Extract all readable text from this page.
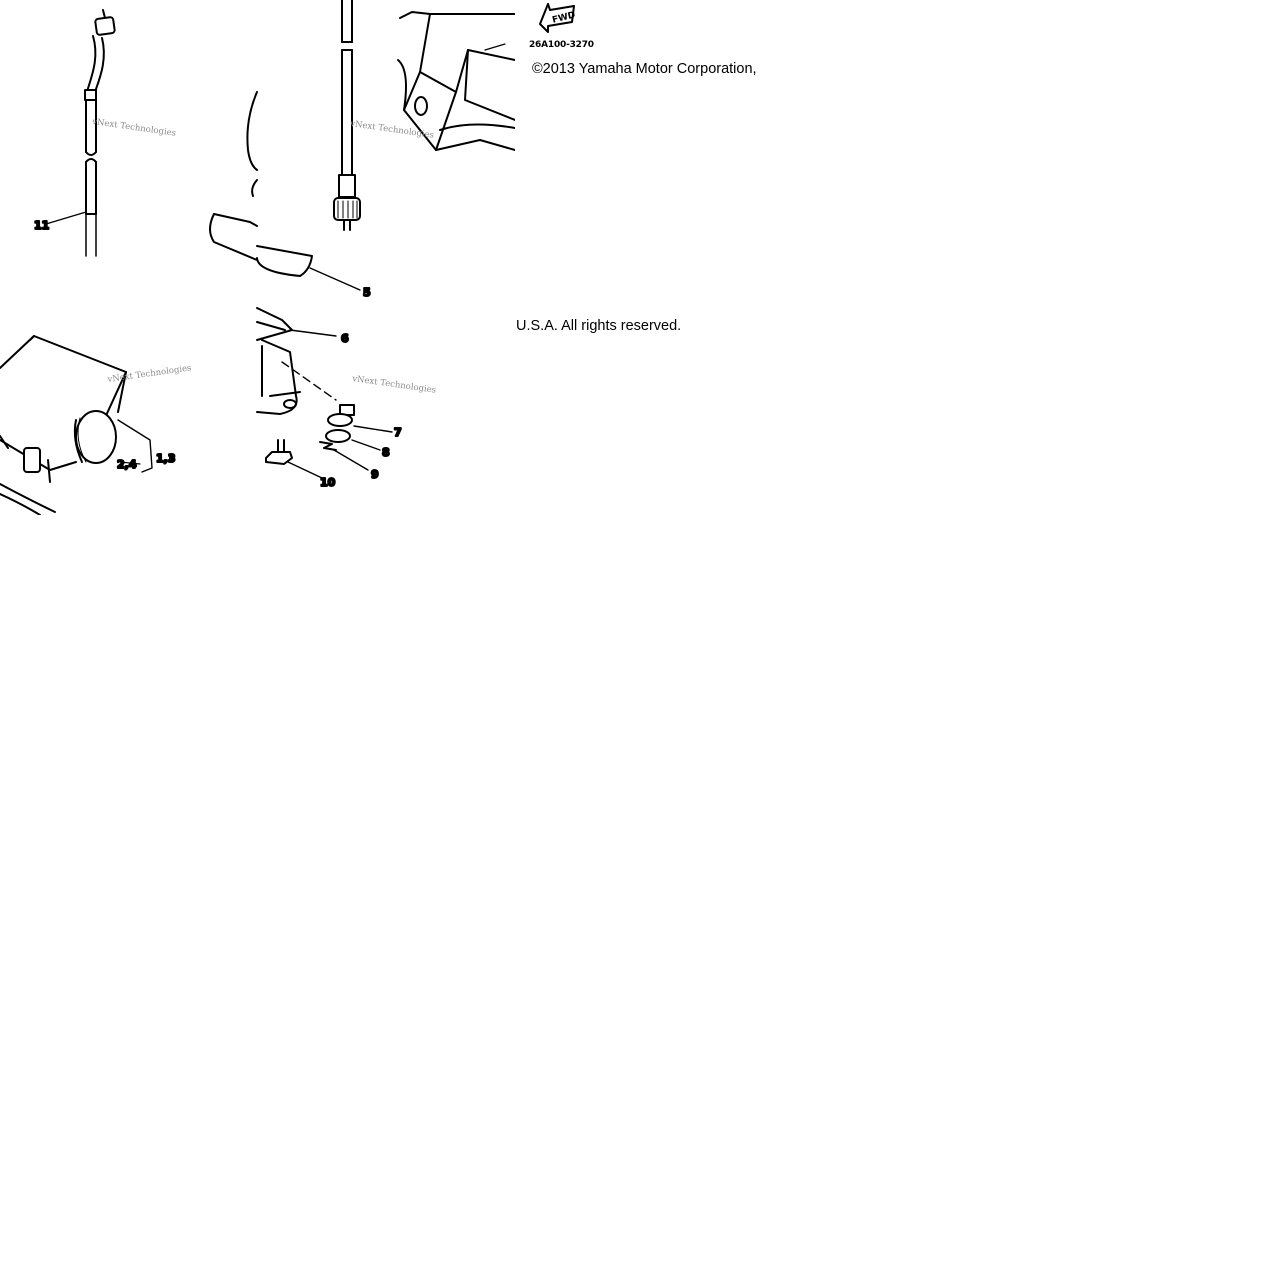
11
5
2,4 1,3
6
7
8
9
10
vNext Technologies	vNext Technologies
vNext Technologies	vNext Technologies
FWD
26A100-3270
©2013 Yamaha Motor Corporation,
U.S.A. All rights reserved.
